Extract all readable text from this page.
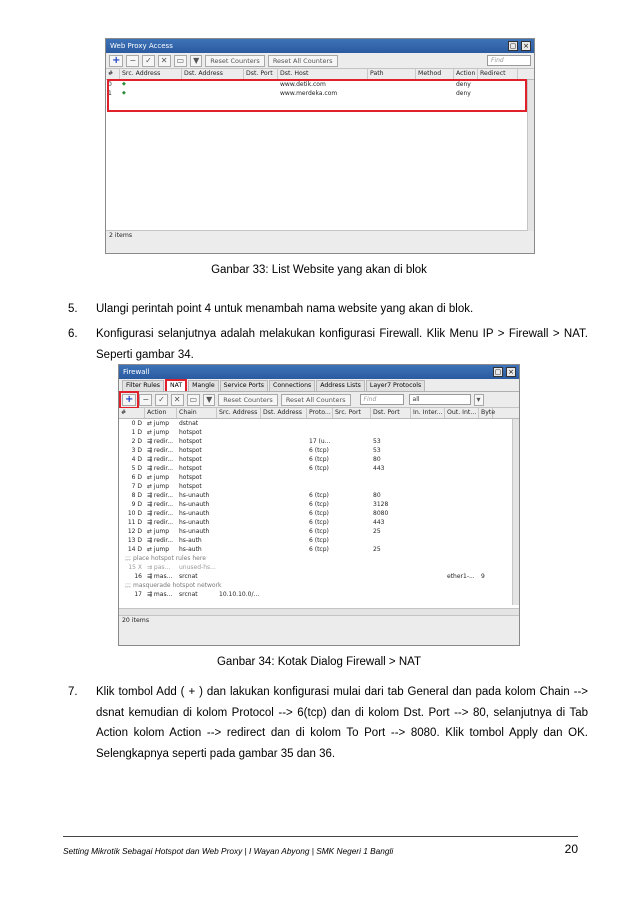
Web Proxy Access	▢ ×
+	−	✓	✕	▭	▼	Reset Counters	Reset All Counters	Find
#	Src. Address	Dst. Address	Dst. Port	Dst. Host	Path	Method	Action Redirect
0	◆	www.detik.com	deny
1	◆	www.merdeka.com	deny
2 items
Ganbar 33: List Website yang akan di blok
5. Ulangi perintah point 4 untuk menambah nama website yang akan di blok.
6. Konfigurasi selanjutnya adalah melakukan konfigurasi Firewall. Klik Menu IP > Firewall > NAT. Seperti gambar 34.
Firewall	▢ ×
Filter Rules	NAT	Mangle	Service Ports	Connections	Address Lists	Layer7 Protocols
+	−	✓	✕	▭	▼	Reset Counters	Reset All Counters	Find	all	▾
#	Action	Chain	Src. Address Dst. Address	Proto... Src. Port	Dst. Port	In. Inter... Out. Int... Byte
0 D ⇄ jump	dstnat
1 D ⇄ jump	hotspot
2 D ⇶ redir... hotspot	17 (u...	53
3 D ⇶ redir... hotspot	6 (tcp)	53
4 D ⇶ redir... hotspot	6 (tcp)	80
5 D ⇶ redir... hotspot	6 (tcp)	443
6 D ⇄ jump	hotspot
7 D ⇄ jump	hotspot
8 D ⇶ redir... hs-unauth	6 (tcp)	80
9 D ⇶ redir... hs-unauth	6 (tcp)	3128
10 D ⇶ redir... hs-unauth	6 (tcp)	8080
11 D ⇶ redir... hs-unauth	6 (tcp)	443
12 D ⇄ jump	hs-unauth	6 (tcp)	25
13 D ⇶ redir... hs-auth	6 (tcp)
14 D ⇄ jump	hs-auth	6 (tcp)	25
;;; place hotspot rules here
15 X ⇉ pas...	unused-hs...
16 ⇶ mas...	srcnat	ether1-...	9
;;; masquerade hotspot network
17 ⇶ mas...	srcnat	10.10.10.0/...
20 items
Ganbar 34: Kotak Dialog Firewall > NAT
7. Klik tombol Add ( + ) dan lakukan konfigurasi mulai dari tab General dan pada kolom Chain --> dsnat kemudian di kolom Protocol --> 6(tcp) dan di kolom Dst. Port --> 80, selanjutnya di Tab Action kolom Action --> redirect dan di kolom To Port --> 8080. Klik tombol Apply dan OK. Selengkapnya seperti pada gambar 35 dan 36.
Setting Mikrotik Sebagai Hotspot dan Web Proxy | I Wayan Abyong | SMK Negeri 1 Bangli	20
